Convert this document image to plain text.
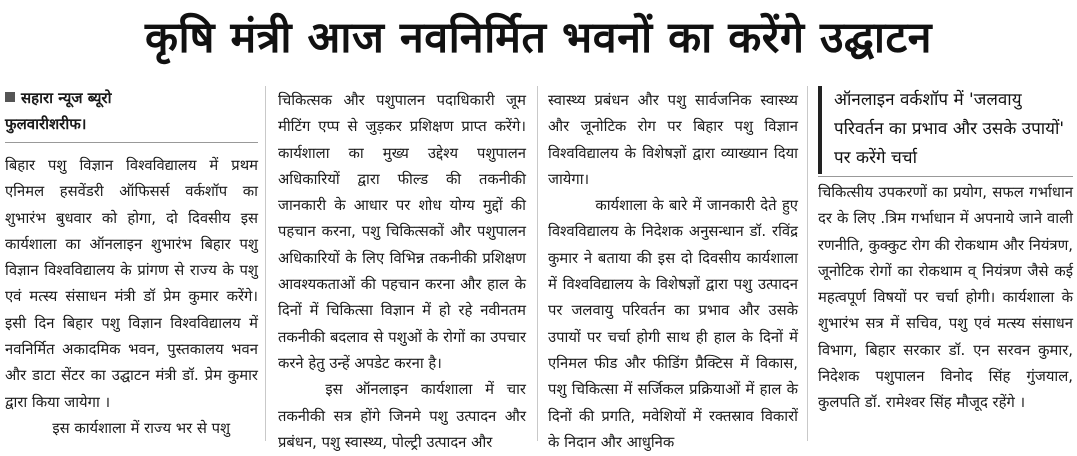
कृषि मंत्री आज नवनिर्मित भवनों का करेंगे उद्घाटन
सहारा न्यूज ब्यूरो
फुलवारीशरीफ।

बिहार पशु विज्ञान विश्वविद्यालय में प्रथम एनिमल हसवेंडरी ऑफिसर्स वर्कशॉप का शुभारंभ बुधवार को होगा, दो दिवसीय इस कार्यशाला का ऑनलाइन शुभारंभ बिहार पशु विज्ञान विश्वविद्यालय के प्रांगण से राज्य के पशु एवं मत्स्य संसाधन मंत्री डॉ प्रेम कुमार करेंगे। इसी दिन बिहार पशु विज्ञान विश्वविद्यालय में नवनिर्मित अकादमिक भवन, पुस्तकालय भवन और डाटा सेंटर का उद्घाटन मंत्री डॉ. प्रेम कुमार द्वारा किया जायेगा ।

इस कार्यशाला में राज्य भर से पशु

चिकित्सक और पशुपालन पदाधिकारी जूम मीटिंग एप्प से जुड़कर प्रशिक्षण प्राप्त करेंगे। कार्यशाला का मुख्य उद्देश्य पशुपालन अधिकारियों द्वारा फील्ड की तकनीकी जानकारी के आधार पर शोध योग्य मुद्दों की पहचान करना, पशु चिकित्सकों और पशुपालन अधिकारियों के लिए विभिन्न तकनीकी प्रशिक्षण आवश्यकताओं की पहचान करना और हाल के दिनों में चिकित्सा विज्ञान में हो रहे नवीनतम तकनीकी बदलाव से पशुओं के रोगों का उपचार करने हेतु उन्हें अपडेट करना है।

इस ऑनलाइन कार्यशाला में चार तकनीकी सत्र होंगे जिनमे पशु उत्पादन और प्रबंधन, पशु स्वास्थ्य, पोल्ट्री उत्पादन और

स्वास्थ्य प्रबंधन और पशु सार्वजनिक स्वास्थ्य और जूनोटिक रोग पर बिहार पशु विज्ञान विश्वविद्यालय के विशेषज्ञों द्वारा व्याख्यान दिया जायेगा।

कार्यशाला के बारे में जानकारी देते हुए विश्वविद्यालय के निदेशक अनुसन्धान डॉ. रविंद्र कुमार ने बताया की इस दो दिवसीय कार्यशाला में विश्वविद्यालय के विशेषज्ञों द्वारा पशु उत्पादन पर जलवायु परिवर्तन का प्रभाव और उसके उपायों पर चर्चा होगी साथ ही हाल के दिनों में एनिमल फीड और फीडिंग प्रैक्टिस में विकास, पशु चिकित्सा में सर्जिकल प्रक्रियाओं में हाल के दिनों की प्रगति, मवेशियों में रक्तस्राव विकारों के निदान और आधुनिक

ऑनलाइन वर्कशॉप में 'जलवायु परिवर्तन का प्रभाव और उसके उपायों' पर करेंगे चर्चा

चिकित्सीय उपकरणों का प्रयोग, सफल गर्भाधान दर के लिए .त्रिम गर्भाधान में अपनाये जाने वाली रणनीति, कुक्कुट रोग की रोकथाम और नियंत्रण, जूनोटिक रोगों का रोकथाम व् नियंत्रण जैसे कई महत्वपूर्ण विषयों पर चर्चा होगी। कार्यशाला के शुभारंभ सत्र में सचिव, पशु एवं मत्स्य संसाधन विभाग, बिहार सरकार डॉ. एन सरवन कुमार, निदेशक पशुपालन विनोद सिंह गुंजयाल, कुलपति डॉ. रामेश्वर सिंह मौजूद रहेंगे ।
